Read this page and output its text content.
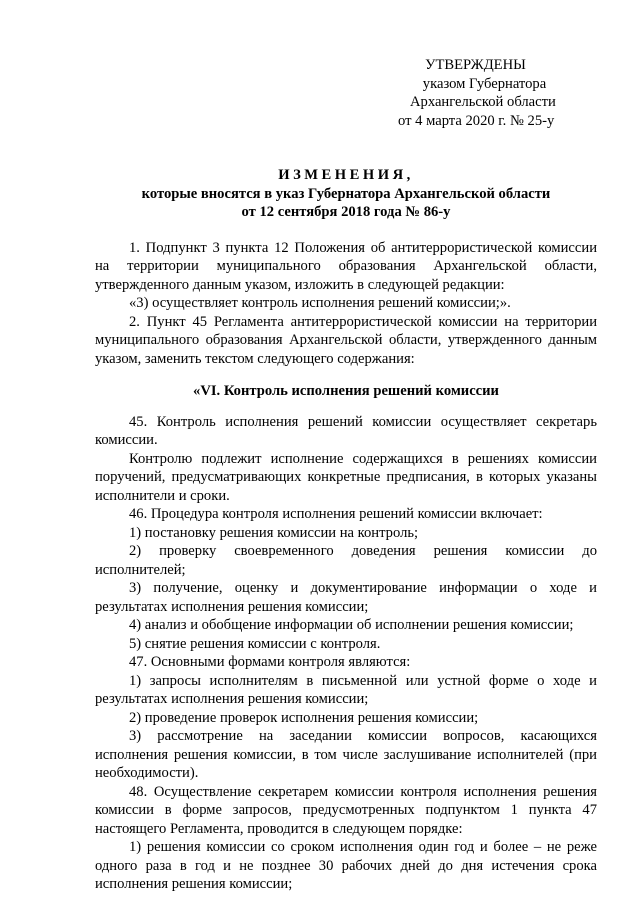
УТВЕРЖДЕНЫ
указом Губернатора
Архангельской области
от 4 марта 2020 г. № 25-у
ИЗМЕНЕНИЯ,
которые вносятся в указ Губернатора Архангельской области
от 12 сентября 2018 года № 86-у

1. Подпункт 3 пункта 12 Положения об антитеррористической комиссии на территории муниципального образования Архангельской области, утвержденного данным указом, изложить в следующей редакции:

«3) осуществляет контроль исполнения решений комиссии;».

2. Пункт 45 Регламента антитеррористической комиссии на территории муниципального образования Архангельской области, утвержденного данным указом, заменить текстом следующего содержания:

«VI. Контроль исполнения решений комиссии

45. Контроль исполнения решений комиссии осуществляет секретарь комиссии.

Контролю подлежит исполнение содержащихся в решениях комиссии поручений, предусматривающих конкретные предписания, в которых указаны исполнители и сроки.

46. Процедура контроля исполнения решений комиссии включает:

1) постановку решения комиссии на контроль;

2) проверку своевременного доведения решения комиссии до исполнителей;

3) получение, оценку и документирование информации о ходе и результатах исполнения решения комиссии;

4) анализ и обобщение информации об исполнении решения комиссии;

5) снятие решения комиссии с контроля.

47. Основными формами контроля являются:

1) запросы исполнителям в письменной или устной форме о ходе и результатах исполнения решения комиссии;

2) проведение проверок исполнения решения комиссии;

3) рассмотрение на заседании комиссии вопросов, касающихся исполнения решения комиссии, в том числе заслушивание исполнителей (при необходимости).

48. Осуществление секретарем комиссии контроля исполнения решения комиссии в форме запросов, предусмотренных подпунктом 1 пункта 47 настоящего Регламента, проводится в следующем порядке:

1) решения комиссии со сроком исполнения один год и более – не реже одного раза в год и не позднее 30 рабочих дней до дня истечения срока исполнения решения комиссии;
